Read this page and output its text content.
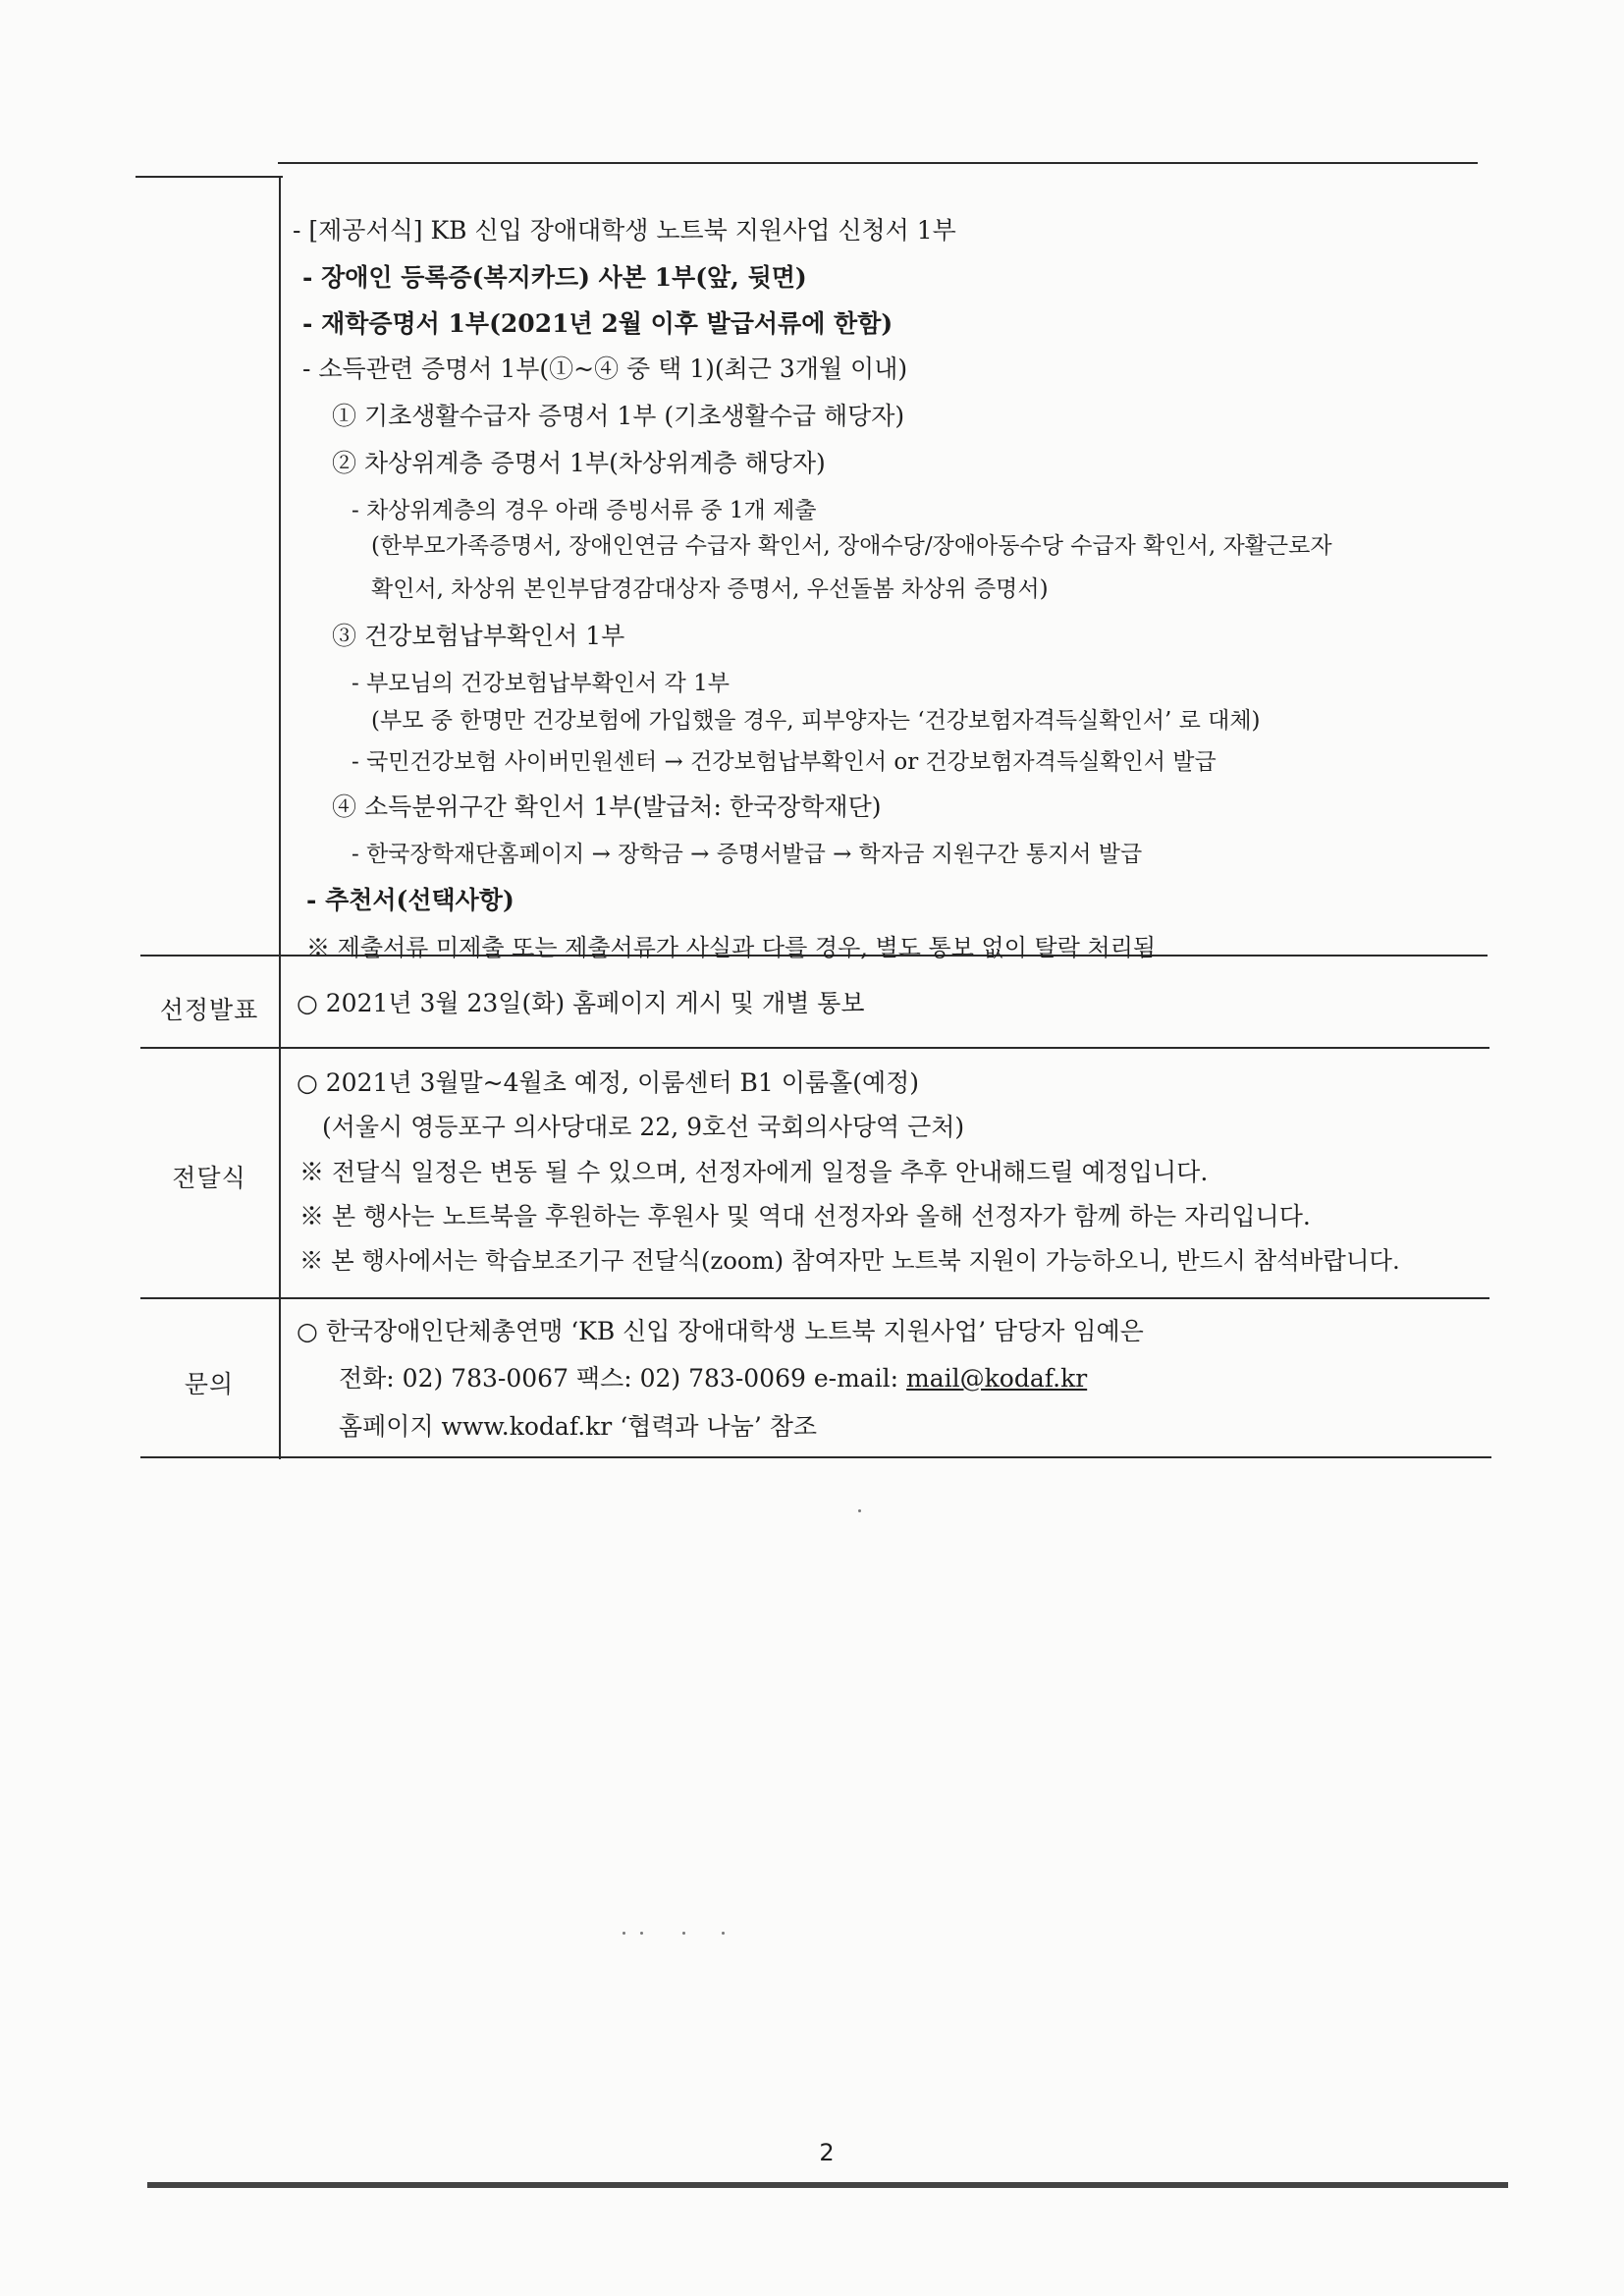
- [제공서식] KB 신입 장애대학생 노트북 지원사업 신청서 1부
- 장애인 등록증(복지카드) 사본 1부(앞, 뒷면)
- 재학증명서 1부(2021년 2월 이후 발급서류에 한함)
- 소득관련 증명서 1부(①~④ 중 택 1)(최근 3개월 이내)
① 기초생활수급자 증명서 1부 (기초생활수급 해당자)
② 차상위계층 증명서 1부(차상위계층 해당자)
- 차상위계층의 경우 아래 증빙서류 중 1개 제출
(한부모가족증명서, 장애인연금 수급자 확인서, 장애수당/장애아동수당 수급자 확인서, 자활근로자
확인서, 차상위 본인부담경감대상자 증명서, 우선돌봄 차상위 증명서)
③ 건강보험납부확인서 1부
- 부모님의 건강보험납부확인서 각 1부
(부모 중 한명만 건강보험에 가입했을 경우, 피부양자는 ‘건강보험자격득실확인서’ 로 대체)
- 국민건강보험 사이버민원센터 → 건강보험납부확인서 or 건강보험자격득실확인서 발급
④ 소득분위구간 확인서 1부(발급처: 한국장학재단)
- 한국장학재단홈페이지 → 장학금 → 증명서발급 → 학자금 지원구간 통지서 발급
- 추천서(선택사항)
※ 제출서류 미제출 또는 제출서류가 사실과 다를 경우, 별도 통보 없이 탈락 처리됨
선정발표	○ 2021년 3월 23일(화) 홈페이지 게시 및 개별 통보
전달식
○ 2021년 3월말~4월초 예정, 이룸센터 B1 이룸홀(예정)
(서울시 영등포구 의사당대로 22, 9호선 국회의사당역 근처)
※ 전달식 일정은 변동 될 수 있으며, 선정자에게 일정을 추후 안내해드릴 예정입니다.
※ 본 행사는 노트북을 후원하는 후원사 및 역대 선정자와 올해 선정자가 함께 하는 자리입니다.
※ 본 행사에서는 학습보조기구 전달식(zoom) 참여자만 노트북 지원이 가능하오니, 반드시 참석바랍니다.
문의
○ 한국장애인단체총연맹 ‘KB 신입 장애대학생 노트북 지원사업’ 담당자 임예은
전화: 02) 783-0067 팩스: 02) 783-0069 e-mail: mail@kodaf.kr
홈페이지 www.kodaf.kr ‘협력과 나눔’ 참조
2
